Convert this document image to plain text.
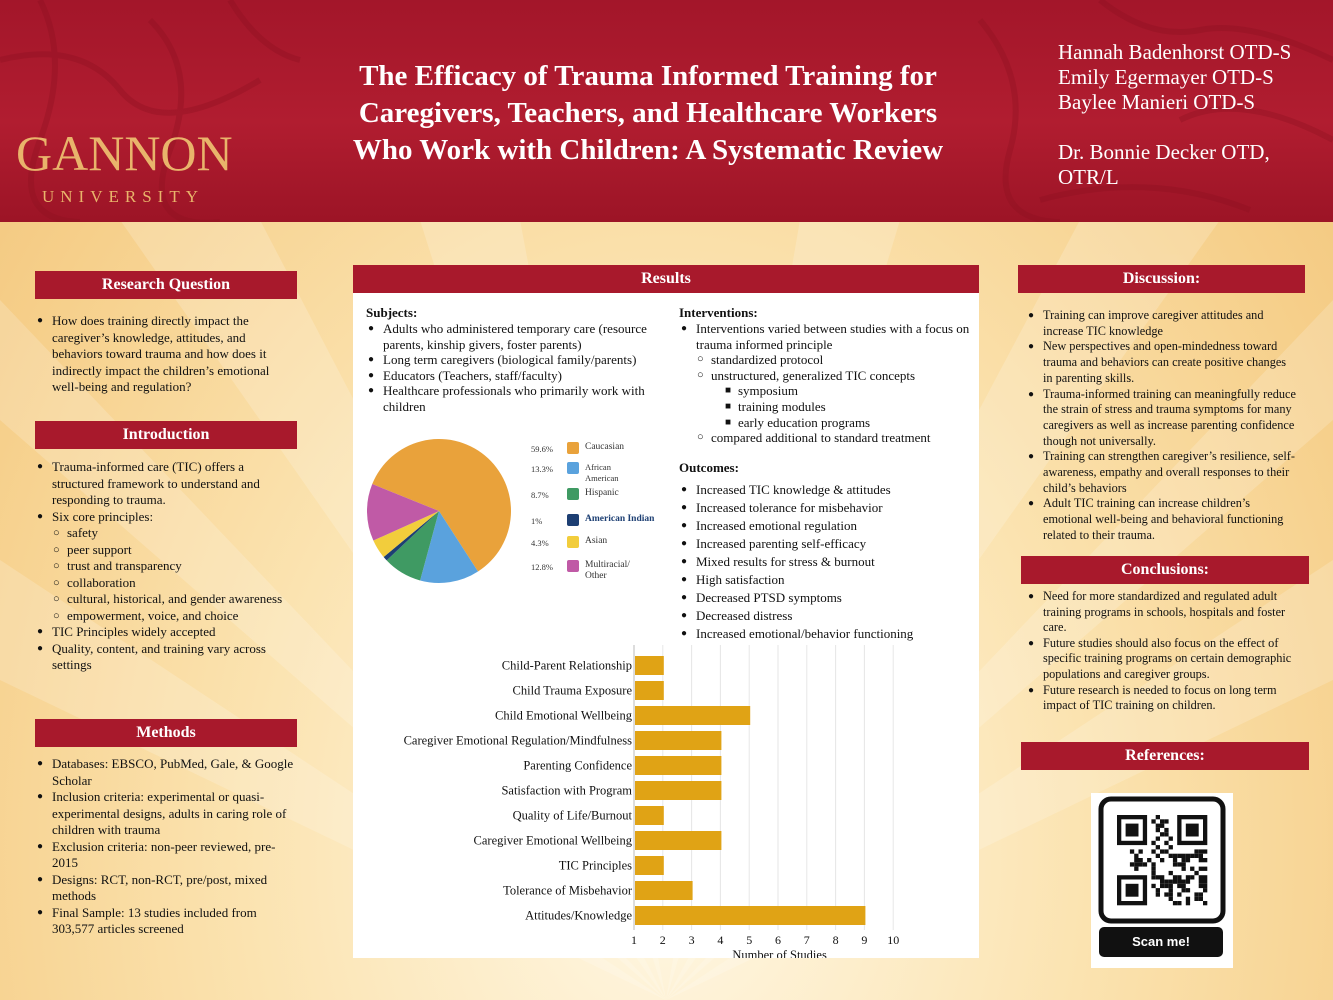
GANNON
UNIVERSITY
The Efficacy of Trauma Informed Training for
Caregivers, Teachers, and Healthcare Workers
Who Work with Children: A Systematic Review
Hannah Badenhorst OTD-S
Emily Egermayer OTD-S
Baylee Manieri OTD-S
Dr. Bonnie Decker OTD,
OTR/L
Research Question
● How does training directly impact the caregiver’s knowledge, attitudes, and behaviors toward trauma and how does it indirectly impact the children’s emotional well-being and regulation?
Introduction
● Trauma-informed care (TIC) offers a structured framework to understand and responding to trauma.
● Six core principles:
○ safety
○ peer support
○ trust and transparency
○ collaboration
○ cultural, historical, and gender awareness
○ empowerment, voice, and choice
● TIC Principles widely accepted
● Quality, content, and training vary across settings
Methods
● Databases: EBSCO, PubMed, Gale, & Google Scholar
● Inclusion criteria: experimental or quasi-experimental designs, adults in caring role of children with trauma
● Exclusion criteria: non-peer reviewed, pre-2015
● Designs: RCT, non-RCT, pre/post, mixed methods
● Final Sample: 13 studies included from 303,577 articles screened
Results
Subjects:
● Adults who administered temporary care (resource parents, kinship givers, foster parents)
● Long term caregivers (biological family/parents)
● Educators (Teachers, staff/faculty)
● Healthcare professionals who primarily work with children
Interventions:
● Interventions varied between studies with a focus on trauma informed principle
○ standardized protocol
○ unstructured, generalized TIC concepts
■ symposium
■ training modules
■ early education programs
○ compared additional to standard treatment
Outcomes:
● Increased TIC knowledge & attitudes
● Increased tolerance for misbehavior
● Increased emotional regulation
● Increased parenting self-efficacy
● Mixed results for stress & burnout
● High satisfaction
● Decreased PTSD symptoms
● Decreased distress
● Increased emotional/behavior functioning
59.6%	Caucasian
13.3%	African American
8.7%	Hispanic
1%	American Indian
4.3%	Asian
12.8%	Multiracial/ Other
Child-Parent Relationship
Child Trauma Exposure
Child Emotional Wellbeing
Caregiver Emotional Regulation/Mindfulness
Parenting Confidence
Satisfaction with Program
Quality of Life/Burnout
Caregiver Emotional Wellbeing
TIC Principles
Tolerance of Misbehavior
Attitudes/Knowledge
1 2 3 4 5 6 7 8 9 10
Number of Studies
Discussion:
● Training can improve caregiver attitudes and increase TIC knowledge
● New perspectives and open-mindedness toward trauma and behaviors can create positive changes in parenting skills.
● Trauma-informed training can meaningfully reduce the strain of stress and trauma symptoms for many caregivers as well as increase parenting confidence though not universally.
● Training can strengthen caregiver’s resilience, self-awareness, empathy and overall responses to their child’s behaviors
● Adult TIC training can increase children’s emotional well-being and behavioral functioning related to their trauma.
Conclusions:
● Need for more standardized and regulated adult training programs in schools, hospitals and foster care.
● Future studies should also focus on the effect of specific training programs on certain demographic populations and caregiver groups.
● Future research is needed to focus on long term impact of TIC training on children.
References:
Scan me!
